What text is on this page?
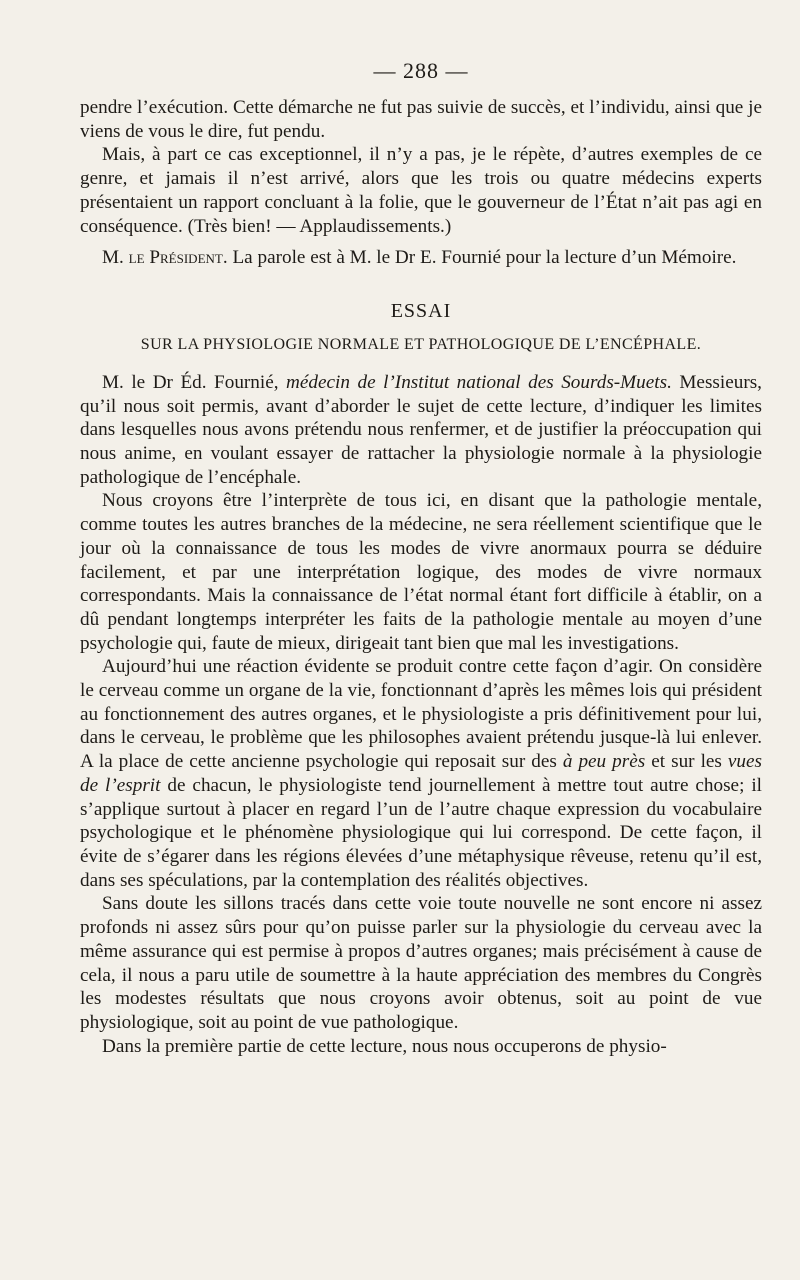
— 288 —

pendre l’exécution. Cette démarche ne fut pas suivie de succès, et l’individu, ainsi que je viens de vous le dire, fut pendu.

Mais, à part ce cas exceptionnel, il n’y a pas, je le répète, d’autres exemples de ce genre, et jamais il n’est arrivé, alors que les trois ou quatre médecins experts présentaient un rapport concluant à la folie, que le gouverneur de l’État n’ait pas agi en conséquence. (Très bien! — Applaudissements.)

M. le Président. La parole est à M. le Dr E. Fournié pour la lecture d’un Mémoire.

ESSAI
SUR LA PHYSIOLOGIE NORMALE ET PATHOLOGIQUE DE L’ENCÉPHALE.

M. le Dr Éd. Fournié, médecin de l’Institut national des Sourds-Muets. Messieurs, qu’il nous soit permis, avant d’aborder le sujet de cette lecture, d’indiquer les limites dans lesquelles nous avons prétendu nous renfermer, et de justifier la préoccupation qui nous anime, en voulant essayer de rattacher la physiologie normale à la physiologie pathologique de l’encéphale.

Nous croyons être l’interprète de tous ici, en disant que la pathologie mentale, comme toutes les autres branches de la médecine, ne sera réellement scientifique que le jour où la connaissance de tous les modes de vivre anormaux pourra se déduire facilement, et par une interprétation logique, des modes de vivre normaux correspondants. Mais la connaissance de l’état normal étant fort difficile à établir, on a dû pendant longtemps interpréter les faits de la pathologie mentale au moyen d’une psychologie qui, faute de mieux, dirigeait tant bien que mal les investigations.

Aujourd’hui une réaction évidente se produit contre cette façon d’agir. On considère le cerveau comme un organe de la vie, fonctionnant d’après les mêmes lois qui président au fonctionnement des autres organes, et le physiologiste a pris définitivement pour lui, dans le cerveau, le problème que les philosophes avaient prétendu jusque-là lui enlever. A la place de cette ancienne psychologie qui reposait sur des à peu près et sur les vues de l’esprit de chacun, le physiologiste tend journellement à mettre tout autre chose; il s’applique surtout à placer en regard l’un de l’autre chaque expression du vocabulaire psychologique et le phénomène physiologique qui lui correspond. De cette façon, il évite de s’égarer dans les régions élevées d’une métaphysique rêveuse, retenu qu’il est, dans ses spéculations, par la contemplation des réalités objectives.

Sans doute les sillons tracés dans cette voie toute nouvelle ne sont encore ni assez profonds ni assez sûrs pour qu’on puisse parler sur la physiologie du cerveau avec la même assurance qui est permise à propos d’autres organes; mais précisément à cause de cela, il nous a paru utile de soumettre à la haute appréciation des membres du Congrès les modestes résultats que nous croyons avoir obtenus, soit au point de vue physiologique, soit au point de vue pathologique.

Dans la première partie de cette lecture, nous nous occuperons de physio-
